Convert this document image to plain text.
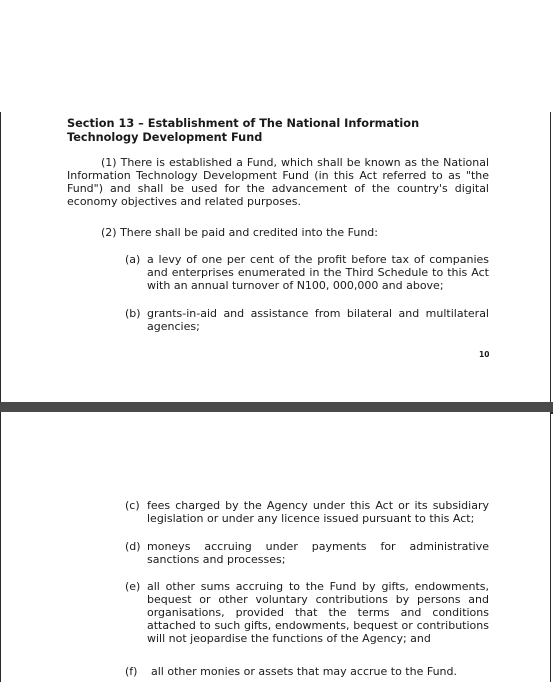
Section 13 – Establishment of The National Information Technology Development Fund

(1) There is established a Fund, which shall be known as the National Information Technology Development Fund (in this Act referred to as "the Fund") and shall be used for the advancement of the country's digital economy objectives and related purposes.

(2) There shall be paid and credited into the Fund:

(a) a levy of one per cent of the profit before tax of companies and enterprises enumerated in the Third Schedule to this Act with an annual turnover of N100, 000,000 and above;

(b) grants-in-aid and assistance from bilateral and multilateral agencies;

10
(c) fees charged by the Agency under this Act or its subsidiary legislation or under any licence issued pursuant to this Act;

(d) moneys accruing under payments for administrative sanctions and processes;

(e) all other sums accruing to the Fund by gifts, endowments, bequest or other voluntary contributions by persons and organisations, provided that the terms and conditions attached to such gifts, endowments, bequest or contributions will not jeopardise the functions of the Agency; and

(f) all other monies or assets that may accrue to the Fund.
